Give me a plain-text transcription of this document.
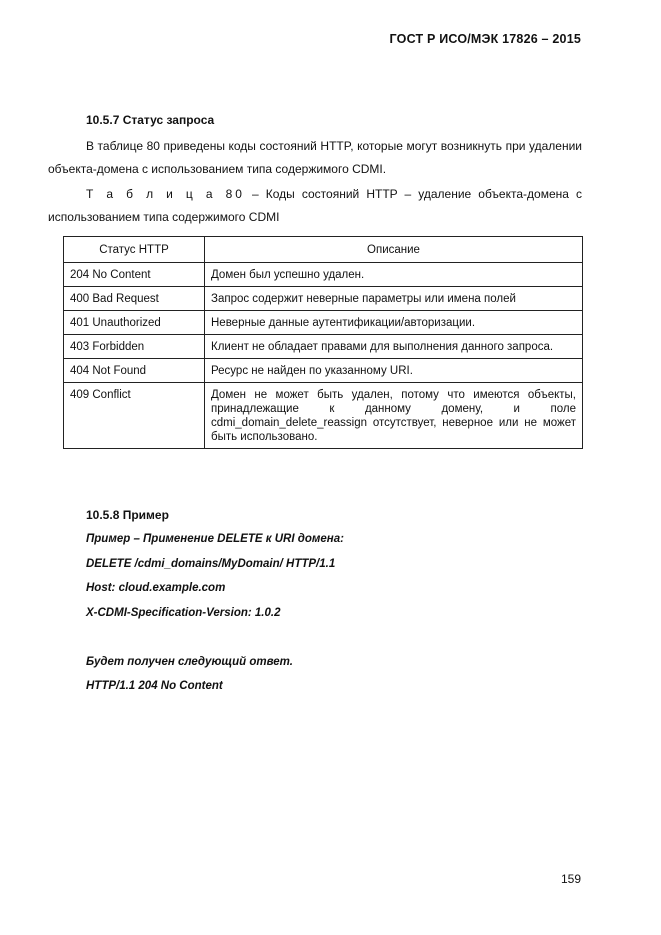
ГОСТ Р ИСО/МЭК 17826 – 2015
10.5.7 Статус запроса
В таблице 80 приведены коды состояний HTTP, которые могут возникнуть при удалении объекта-домена с использованием типа содержимого CDMI.
Т а б л и ц а 80 – Коды состояний HTTP – удаление объекта-домена с использованием типа содержимого CDMI
Статус HTTP	Описание
204 No Content	Домен был успешно удален.
400 Bad Request	Запрос содержит неверные параметры или имена полей
401 Unauthorized	Неверные данные аутентификации/авторизации.
403 Forbidden	Клиент не обладает правами для выполнения данного запроса.
404 Not Found	Ресурс не найден по указанному URI.
409 Conflict	Домен не может быть удален, потому что имеются объекты, принадлежащие к данному домену, и поле cdmi_domain_delete_reassign отсутствует, неверное или не может быть использовано.
10.5.8 Пример
Пример – Применение DELETE к URI домена:
DELETE /cdmi_domains/MyDomain/ HTTP/1.1
Host: cloud.example.com
X-CDMI-Specification-Version: 1.0.2
Будет получен следующий ответ.
HTTP/1.1 204 No Content
159
